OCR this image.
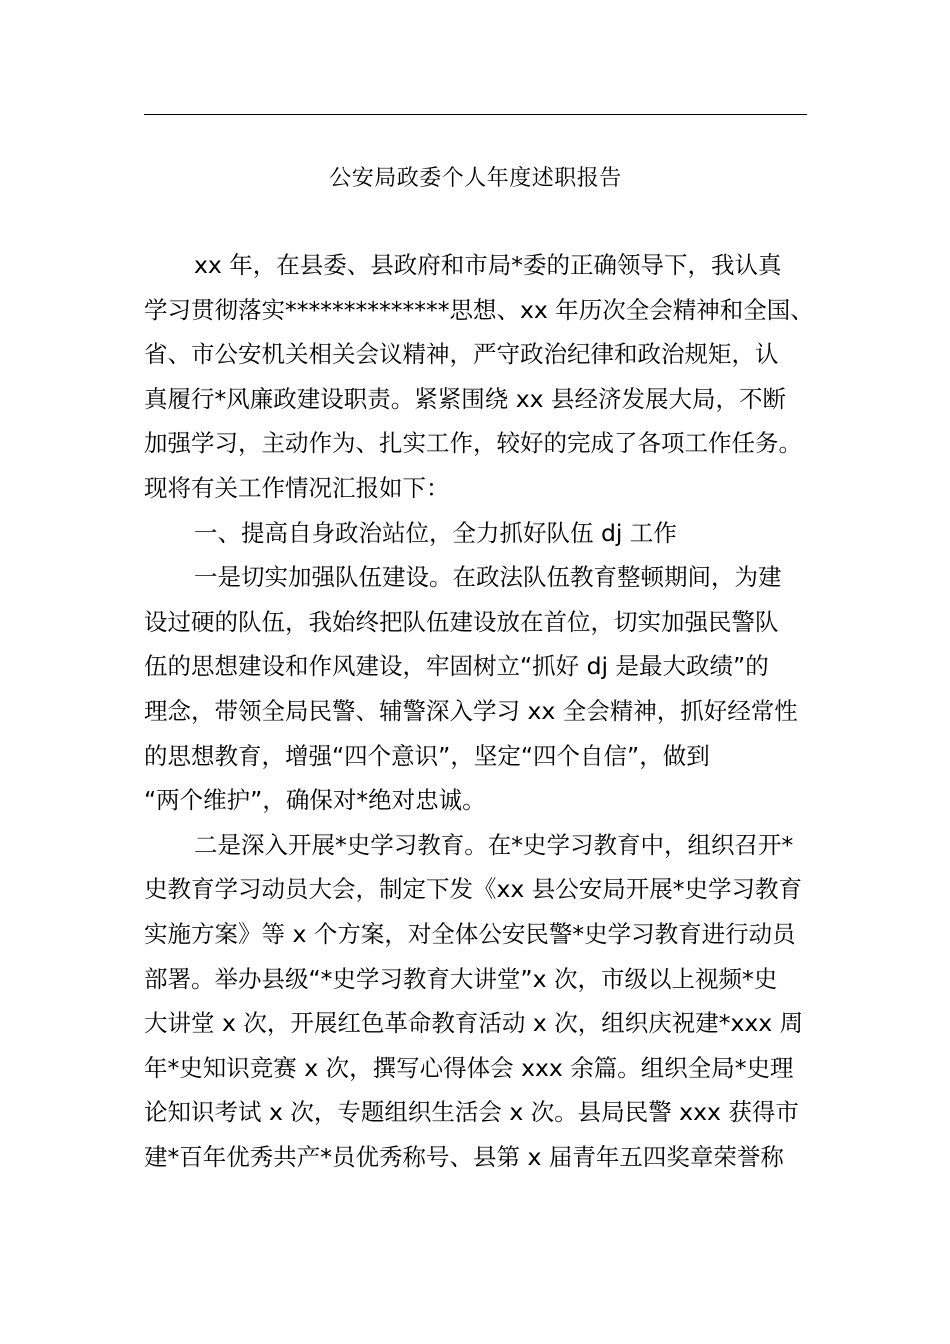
公安局政委个人年度述职报告
xx 年，在县委、县政府和市局*委的正确领导下，我认真
学习贯彻落实**************思想、xx 年历次全会精神和全国、
省、市公安机关相关会议精神，严守政治纪律和政治规矩，认
真履行*风廉政建设职责。紧紧围绕 xx 县经济发展大局，不断
加强学习，主动作为、扎实工作，较好的完成了各项工作任务。
现将有关工作情况汇报如下：
一、提高自身政治站位，全力抓好队伍 dj 工作
一是切实加强队伍建设。在政法队伍教育整顿期间，为建
设过硬的队伍，我始终把队伍建设放在首位，切实加强民警队
伍的思想建设和作风建设，牢固树立“抓好 dj 是最大政绩”的
理念，带领全局民警、辅警深入学习 xx 全会精神，抓好经常性
的思想教育，增强“四个意识”，坚定“四个自信”，做到
“两个维护”，确保对*绝对忠诚。
二是深入开展*史学习教育。在*史学习教育中，组织召开*
史教育学习动员大会，制定下发《xx 县公安局开展*史学习教育
实施方案》等 x 个方案，对全体公安民警*史学习教育进行动员
部署。举办县级“*史学习教育大讲堂”x 次，市级以上视频*史
大讲堂 x 次，开展红色革命教育活动 x 次，组织庆祝建*xxx 周
年*史知识竞赛 x 次，撰写心得体会 xxx 余篇。组织全局*史理
论知识考试 x 次，专题组织生活会 x 次。县局民警 xxx 获得市
建*百年优秀共产*员优秀称号、县第 x 届青年五四奖章荣誉称
